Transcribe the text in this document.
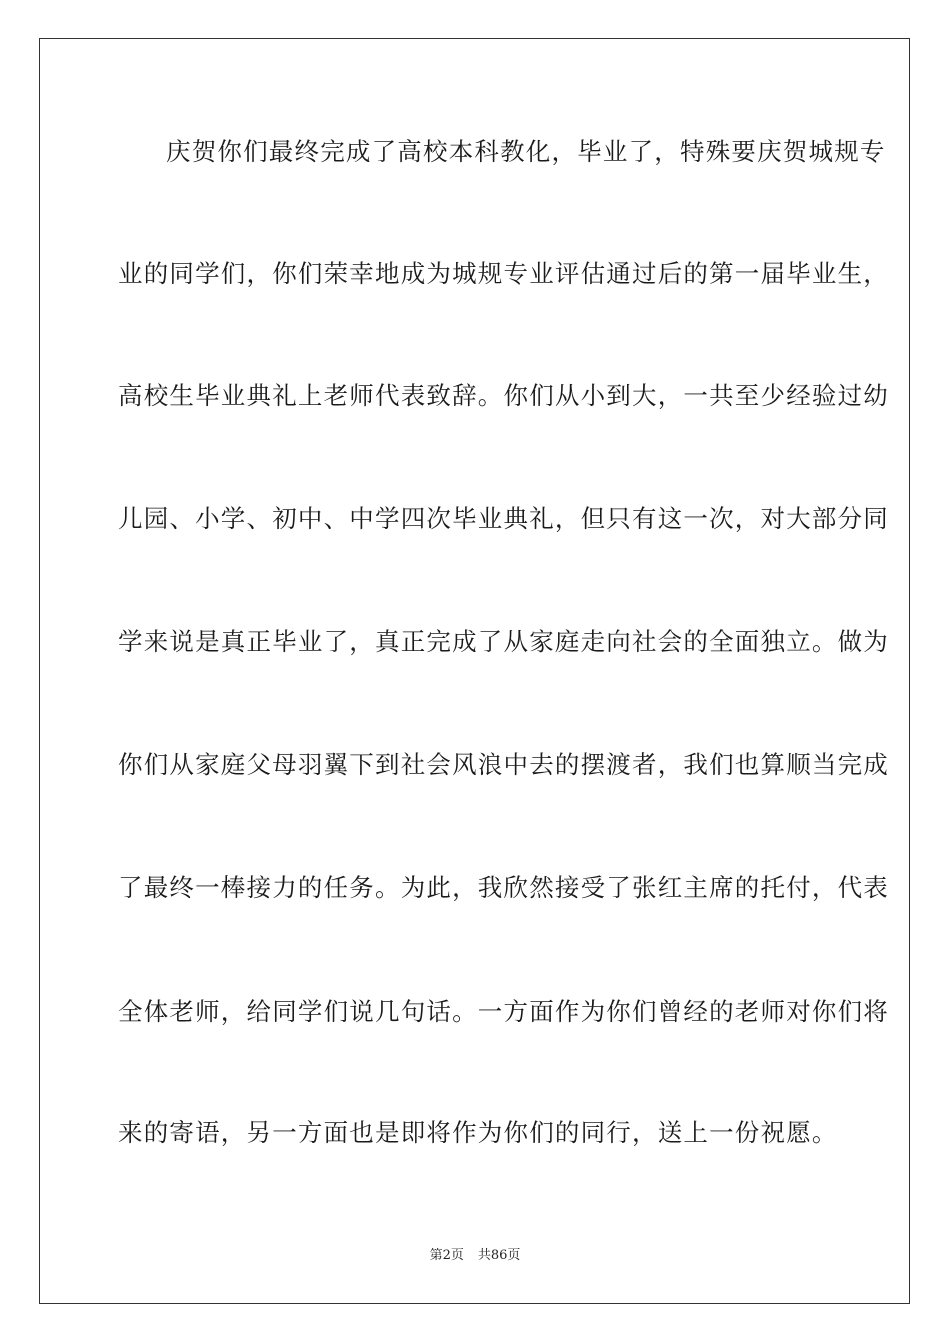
庆贺你们最终完成了高校本科教化，毕业了，特殊要庆贺城规专
业的同学们，你们荣幸地成为城规专业评估通过后的第一届毕业生，
高校生毕业典礼上老师代表致辞。你们从小到大，一共至少经验过幼
儿园、小学、初中、中学四次毕业典礼，但只有这一次，对大部分同
学来说是真正毕业了，真正完成了从家庭走向社会的全面独立。做为
你们从家庭父母羽翼下到社会风浪中去的摆渡者，我们也算顺当完成
了最终一棒接力的任务。为此，我欣然接受了张红主席的托付，代表
全体老师，给同学们说几句话。一方面作为你们曾经的老师对你们将
来的寄语，另一方面也是即将作为你们的同行，送上一份祝愿。
第2页 共86页
